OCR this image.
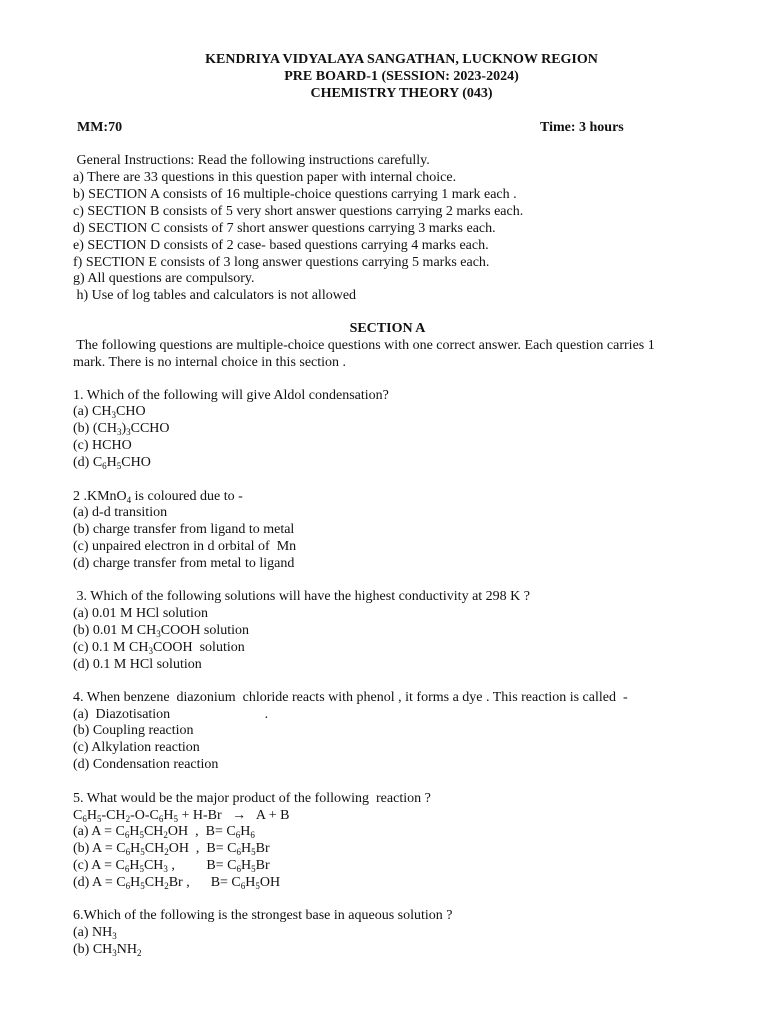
KENDRIYA VIDYALAYA SANGATHAN, LUCKNOW REGION
PRE BOARD-1 (SESSION: 2023-2024)
CHEMISTRY THEORY (043)
MM:70	Time: 3 hours
General Instructions: Read the following instructions carefully.
a) There are 33 questions in this question paper with internal choice.
b) SECTION A consists of 16 multiple-choice questions carrying 1 mark each .
c) SECTION B consists of 5 very short answer questions carrying 2 marks each.
d) SECTION C consists of 7 short answer questions carrying 3 marks each.
e) SECTION D consists of 2 case- based questions carrying 4 marks each.
f) SECTION E consists of 3 long answer questions carrying 5 marks each.
g) All questions are compulsory.
h) Use of log tables and calculators is not allowed
SECTION A
The following questions are multiple-choice questions with one correct answer. Each question carries 1
mark. There is no internal choice in this section .
1. Which of the following will give Aldol condensation?
(a) $CH_3CHO$
(b) $(CH_3)_3CCHO$
(c) HCHO
(d) $C_6H_5CHO$
2 .KMnO$_4$ is coloured due to -
(a) d-d transition
(b) charge transfer from ligand to metal
(c) unpaired electron in d orbital of  Mn
(d) charge transfer from metal to ligand
3. Which of the following solutions will have the highest conductivity at 298 K ?
(a) 0.01 M HCl solution
(b) 0.01 M $CH_3COOH$ solution
(c) 0.1 M $CH_3COOH$  solution
(d) 0.1 M HCl solution
4. When benzene  diazonium  chloride reacts with phenol , it forms a dye . This reaction is called  -
(a)  Diazotisation                           .
(b) Coupling reaction
(c) Alkylation reaction
(d) Condensation reaction
5. What would be the major product of the following  reaction ?
$C_6H_5-CH_2-O-C_6H_5 + H-Br \to A + B$
(a) $A = C_6H_5CH_2OH$  ,  $B= C_6H_6$
(b) $A = C_6H_5CH_2OH$  ,  $B= C_6H_5Br$
(c) $A = C_6H_5CH_3$ ,         $B= C_6H_5Br$
(d) $A = C_6H_5CH_2Br$ ,      $B= C_6H_5OH$
6.Which of the following is the strongest base in aqueous solution ?
(a) $NH_3$
(b) $CH_3NH_2$
